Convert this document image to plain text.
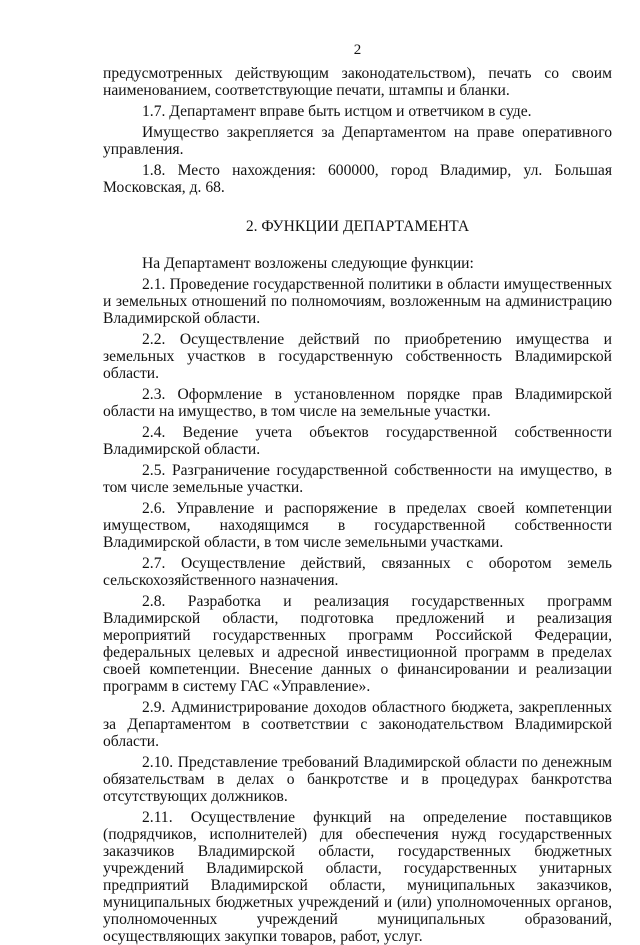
2

предусмотренных действующим законодательством), печать со своим наименованием, соответствующие печати, штампы и бланки.

1.7. Департамент вправе быть истцом и ответчиком в суде.

Имущество закрепляется за Департаментом на праве оперативного управления.

1.8. Место нахождения: 600000, город Владимир, ул. Большая Московская, д. 68.

2. ФУНКЦИИ ДЕПАРТАМЕНТА

На Департамент возложены следующие функции:

2.1. Проведение государственной политики в области имущественных и земельных отношений по полномочиям, возложенным на администрацию Владимирской области.

2.2. Осуществление действий по приобретению имущества и земельных участков в государственную собственность Владимирской области.

2.3. Оформление в установленном порядке прав Владимирской области на имущество, в том числе на земельные участки.

2.4. Ведение учета объектов государственной собственности Владимирской области.

2.5. Разграничение государственной собственности на имущество, в том числе земельные участки.

2.6. Управление и распоряжение в пределах своей компетенции имуществом, находящимся в государственной собственности Владимирской области, в том числе земельными участками.

2.7. Осуществление действий, связанных с оборотом земель сельскохозяйственного назначения.

2.8. Разработка и реализация государственных программ Владимирской области, подготовка предложений и реализация мероприятий государственных программ Российской Федерации, федеральных целевых и адресной инвестиционной программ в пределах своей компетенции. Внесение данных о финансировании и реализации программ в систему ГАС «Управление».

2.9. Администрирование доходов областного бюджета, закрепленных за Департаментом в соответствии с законодательством Владимирской области.

2.10. Представление требований Владимирской области по денежным обязательствам в делах о банкротстве и в процедурах банкротства отсутствующих должников.

2.11. Осуществление функций на определение поставщиков (подрядчиков, исполнителей) для обеспечения нужд государственных заказчиков Владимирской области, государственных бюджетных учреждений Владимирской области, государственных унитарных предприятий Владимирской области, муниципальных заказчиков, муниципальных бюджетных учреждений и (или) уполномоченных органов, уполномоченных учреждений муниципальных образований, осуществляющих закупки товаров, работ, услуг.
